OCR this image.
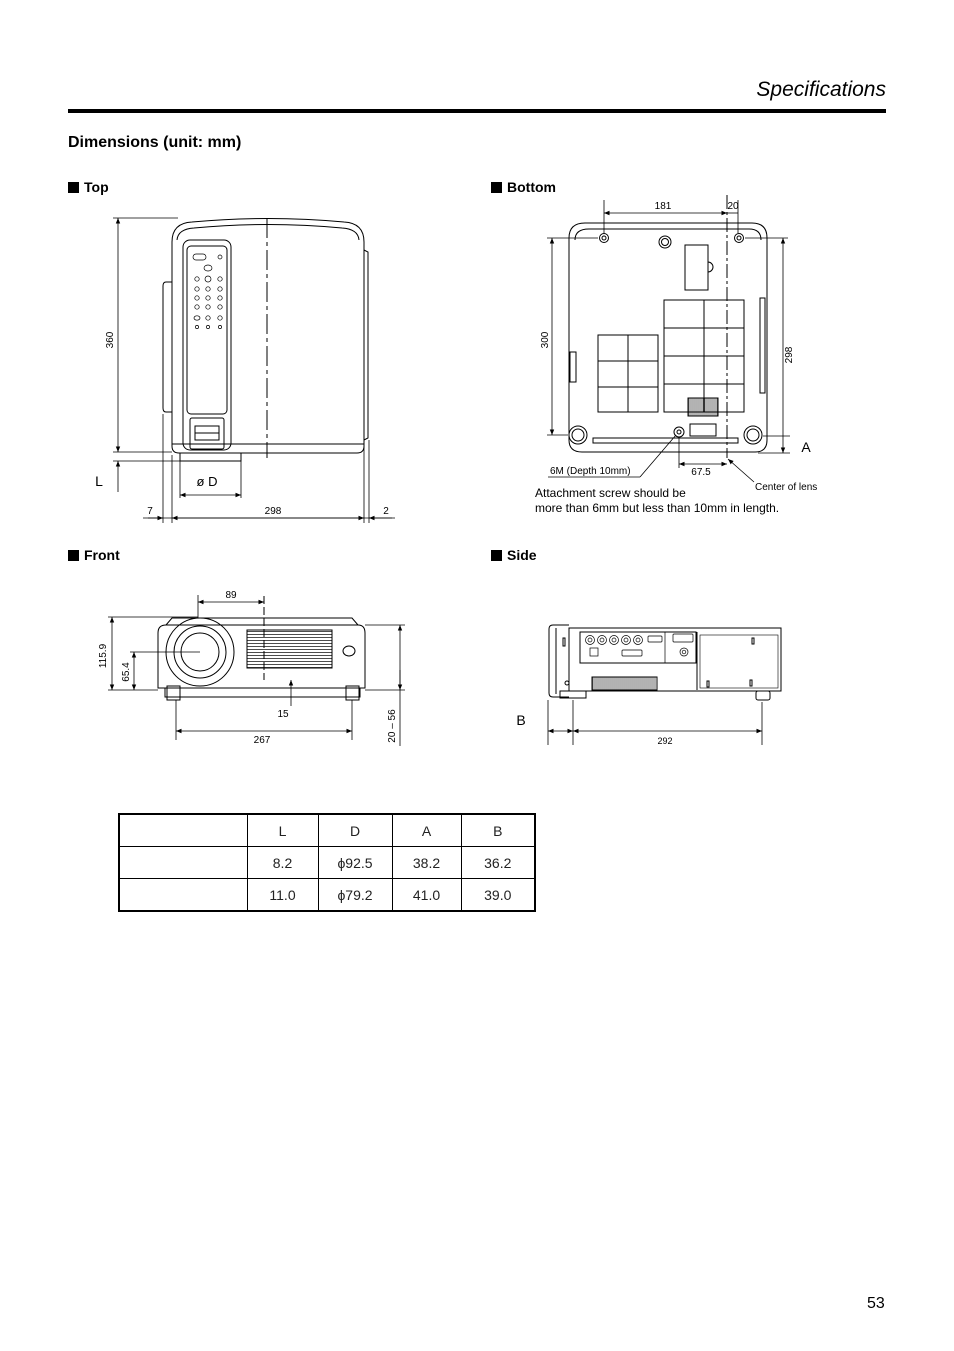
Specifications
Dimensions (unit: mm)
Top	Bottom
Front	Side
360
L	ø D
7	298	2
181	20
300
298
A
6M (Depth 10mm)	67.5
Center of lens
Attachment screw should be
more than 6mm but less than 10mm in length.
89
115.9
65.4
15
267	20 – 56	B
292
	L	D	A	B
	8.2	ϕ92.5	38.2	36.2
	11.0	ϕ79.2	41.0	39.0
53
